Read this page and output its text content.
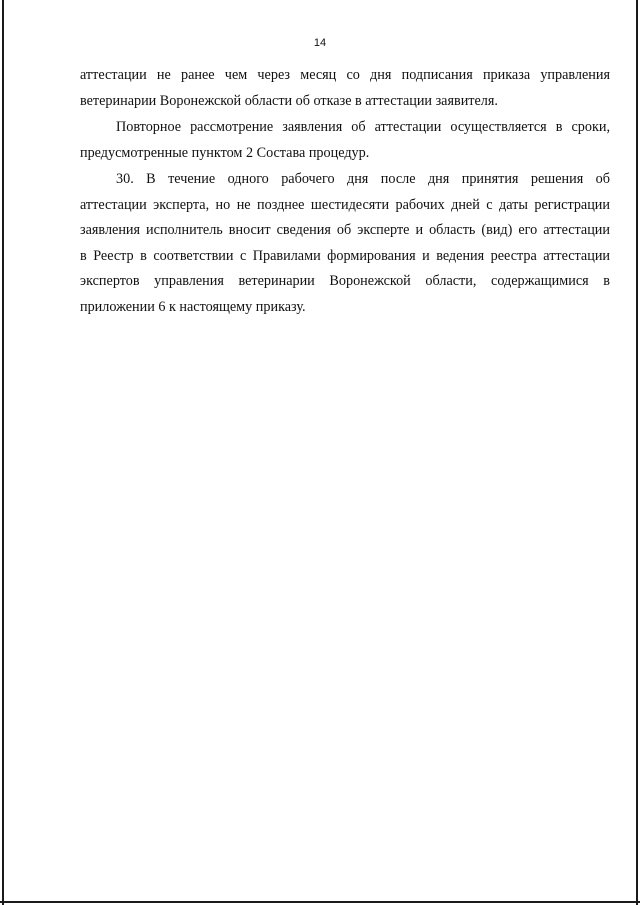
14
аттестации не ранее чем через месяц со дня подписания приказа управления
ветеринарии Воронежской области об отказе в аттестации заявителя.
Повторное рассмотрение заявления об аттестации осуществляется в сроки,
предусмотренные пунктом 2 Состава процедур.
30. В течение одного рабочего дня после дня принятия решения об
аттестации эксперта, но не позднее шестидесяти рабочих дней с даты регистрации
заявления исполнитель вносит сведения об эксперте и область (вид) его аттестации
в Реестр в соответствии с Правилами формирования и ведения реестра аттестации
экспертов управления ветеринарии Воронежской области, содержащимися в
приложении 6 к настоящему приказу.
